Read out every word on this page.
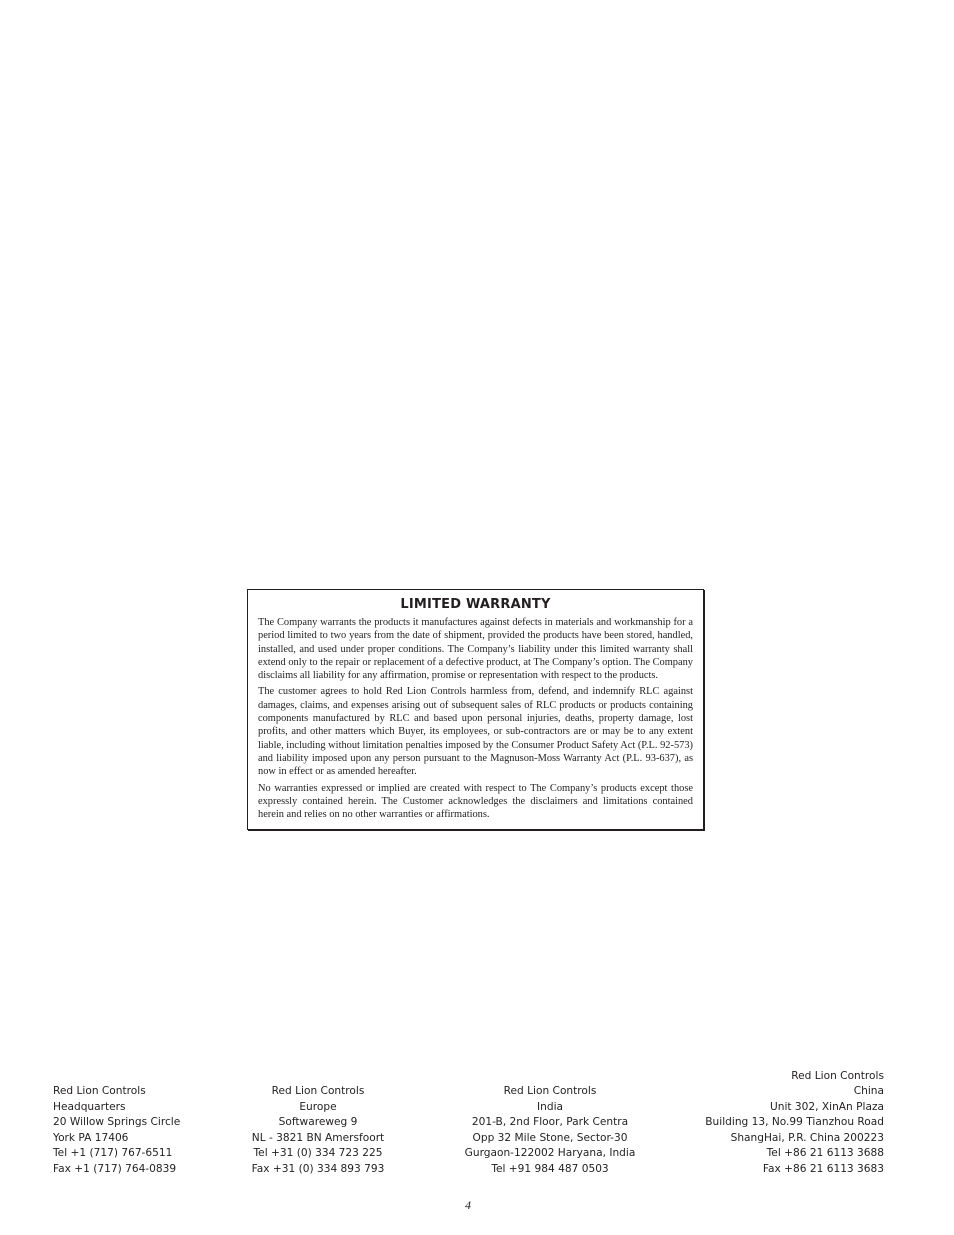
LIMITED WARRANTY

The Company warrants the products it manufactures against defects in materials and workmanship for a period limited to two years from the date of shipment, provided the products have been stored, handled, installed, and used under proper conditions. The Company’s liability under this limited warranty shall extend only to the repair or replacement of a defective product, at The Company’s option. The Company disclaims all liability for any affirmation, promise or representation with respect to the products.

The customer agrees to hold Red Lion Controls harmless from, defend, and indemnify RLC against damages, claims, and expenses arising out of subsequent sales of RLC products or products containing components manufactured by RLC and based upon personal injuries, deaths, property damage, lost profits, and other matters which Buyer, its employees, or sub-contractors are or may be to any extent liable, including without limitation penalties imposed by the Consumer Product Safety Act (P.L. 92-573) and liability imposed upon any person pursuant to the Magnuson-Moss Warranty Act (P.L. 93-637), as now in effect or as amended hereafter.

No warranties expressed or implied are created with respect to The Company’s products except those expressly contained herein. The Customer acknowledges the disclaimers and limitations contained herein and relies on no other warranties or affirmations.

Red Lion Controls
Headquarters
20 Willow Springs Circle
York PA 17406
Tel +1 (717) 767-6511
Fax +1 (717) 764-0839
Red Lion Controls
Europe
Softwareweg 9
NL - 3821 BN Amersfoort
Tel +31 (0) 334 723 225
Fax +31 (0) 334 893 793
Red Lion Controls
India
201-B, 2nd Floor, Park Centra
Opp 32 Mile Stone, Sector-30
Gurgaon-122002 Haryana, India
Tel +91 984 487 0503
Red Lion Controls
China
Unit 302, XinAn Plaza
Building 13, No.99 Tianzhou Road
ShangHai, P.R. China 200223
Tel +86 21 6113 3688
Fax +86 21 6113 3683
4
